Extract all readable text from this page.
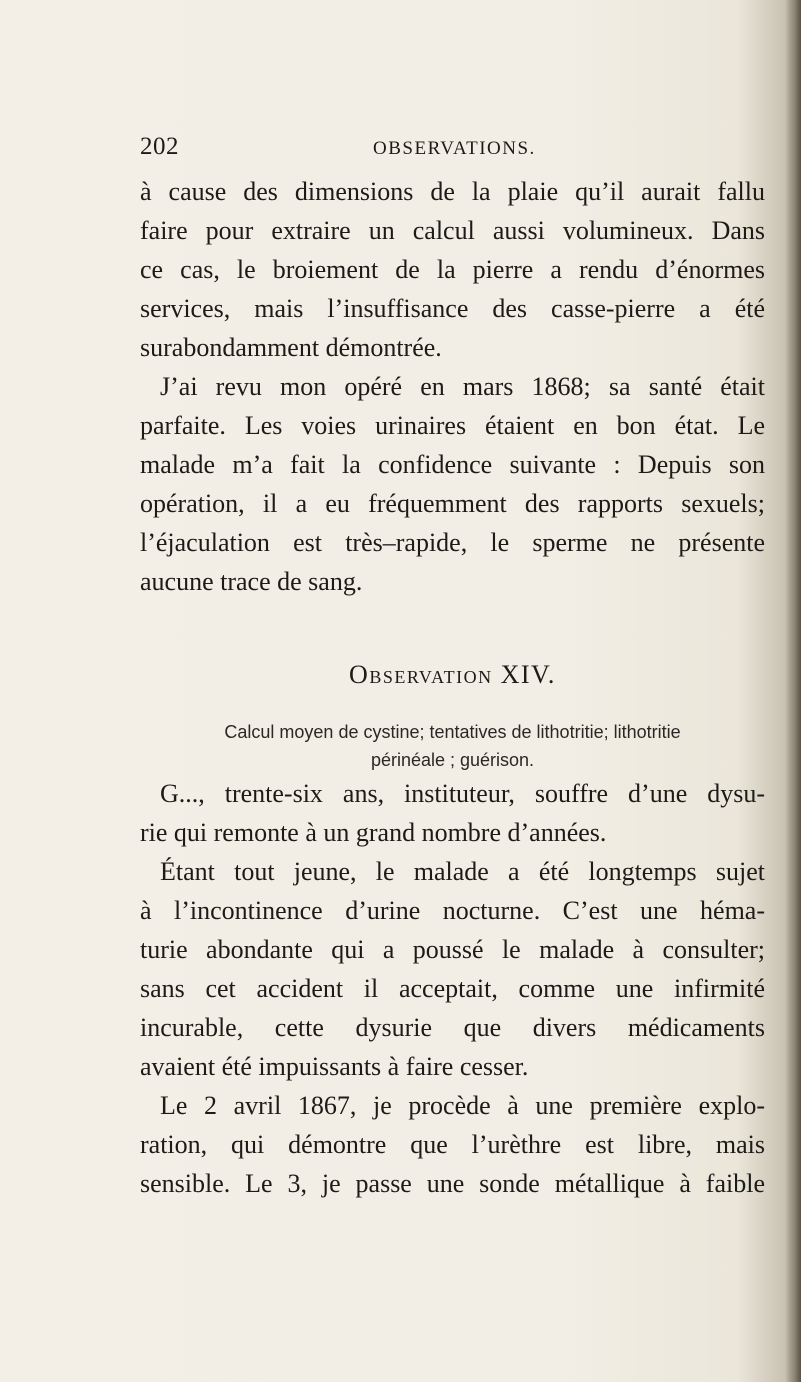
202	OBSERVATIONS.
à cause des dimensions de la plaie qu’il aurait fallu
faire pour extraire un calcul aussi volumineux. Dans
ce cas, le broiement de la pierre a rendu d’énormes
services, mais l’insuffisance des casse-pierre a été
surabondamment démontrée.
J’ai revu mon opéré en mars 1868; sa santé était
parfaite. Les voies urinaires étaient en bon état. Le
malade m’a fait la confidence suivante : Depuis son
opération, il a eu fréquemment des rapports sexuels;
l’éjaculation est très–rapide, le sperme ne présente
aucune trace de sang.
Observation XIV.
Calcul moyen de cystine; tentatives de lithotritie; lithotritie
périnéale ; guérison.
G..., trente-six ans, instituteur, souffre d’une dysu-
rie qui remonte à un grand nombre d’années.
Étant tout jeune, le malade a été longtemps sujet
à l’incontinence d’urine nocturne. C’est une héma-
turie abondante qui a poussé le malade à consulter;
sans cet accident il acceptait, comme une infirmité
incurable, cette dysurie que divers médicaments
avaient été impuissants à faire cesser.
Le 2 avril 1867, je procède à une première explo-
ration, qui démontre que l’urèthre est libre, mais
sensible. Le 3, je passe une sonde métallique à faible
